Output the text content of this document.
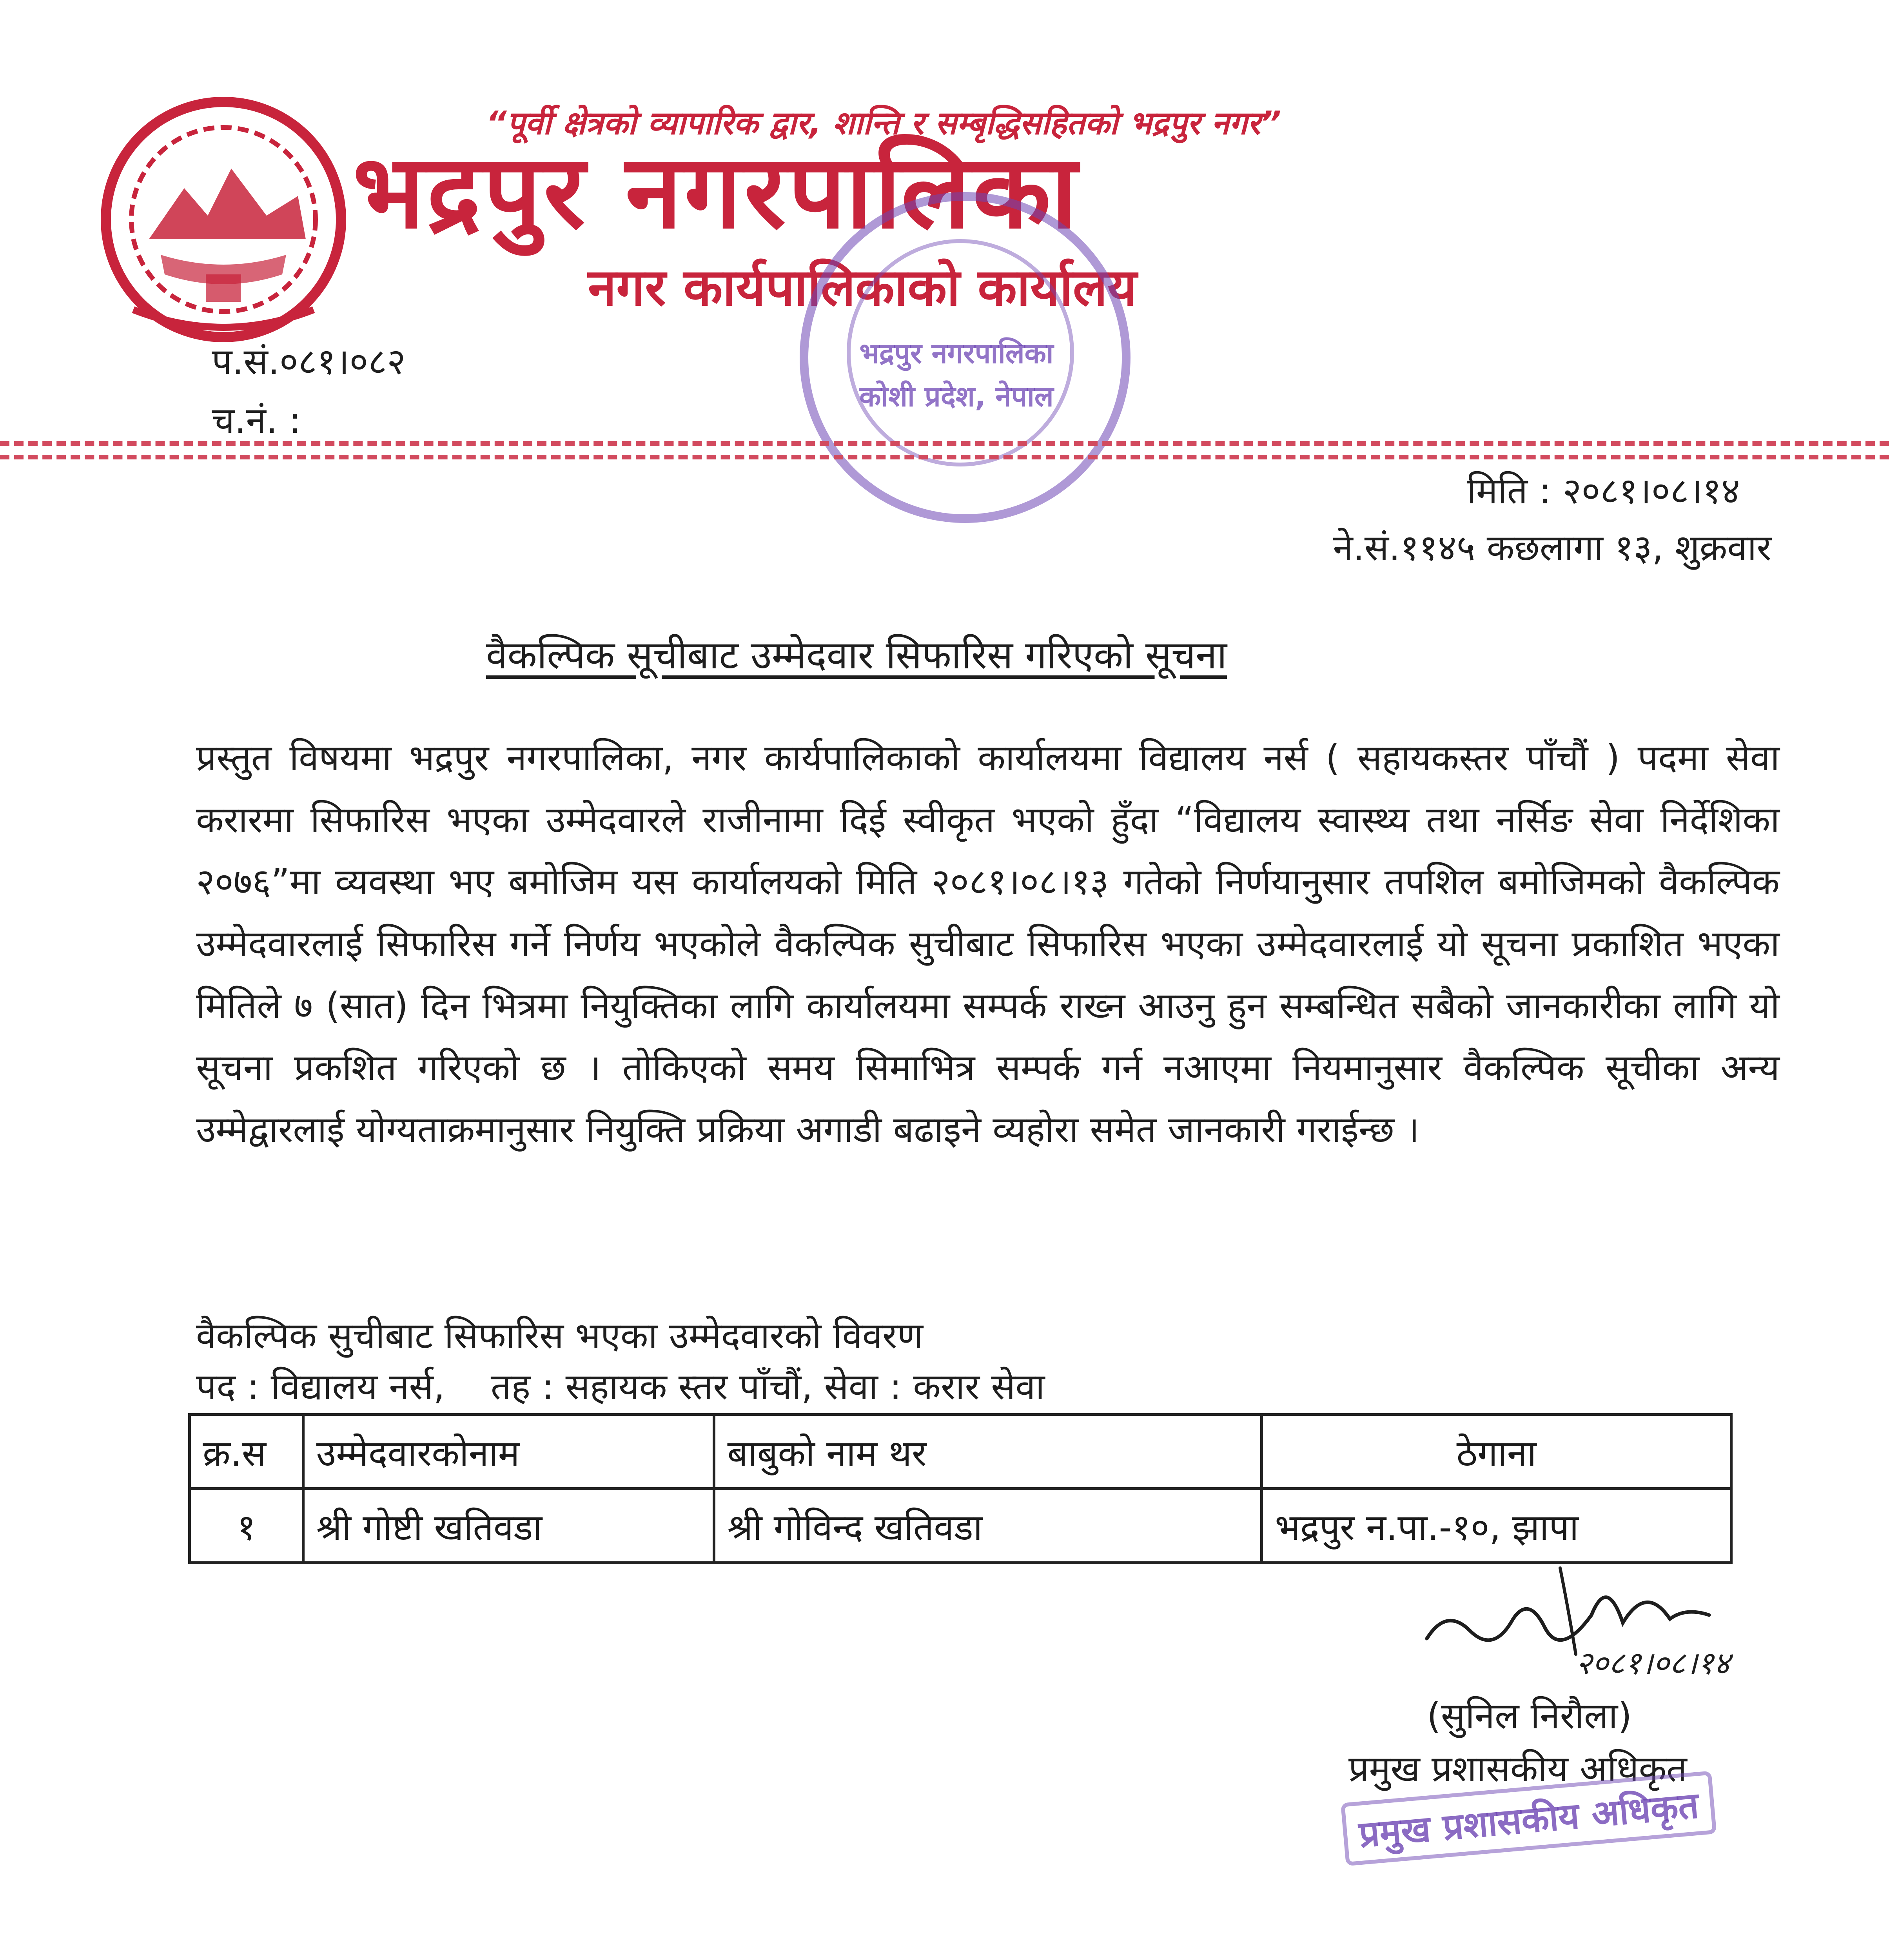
“पूर्वी क्षेत्रको व्यापारिक द्वार, शान्ति र सम्बृद्धिसहितको भद्रपुर नगर”
भद्रपुर नगरपालिका
नगर कार्यपालिकाको कार्यालय
भद्रपुर नगरपालिका
कोशी प्रदेश, नेपाल
प.सं.०८१।०८२
च.नं. :
मिति : २०८१।०८।१४
ने.सं.११४५ कछलागा १३, शुक्रवार
वैकल्पिक सूचीबाट उम्मेदवार सिफारिस गरिएको सूचना
प्रस्तुत विषयमा भद्रपुर नगरपालिका, नगर कार्यपालिकाको कार्यालयमा विद्यालय नर्स ( सहायकस्तर पाँचौं ) पदमा सेवा करारमा सिफारिस भएका उम्मेदवारले राजीनामा दिई स्वीकृत भएको हुँदा “विद्यालय स्वास्थ्य तथा नर्सिङ सेवा निर्देशिका २०७६”मा व्यवस्था भए बमोजिम यस कार्यालयको मिति २०८१।०८।१३ गतेको निर्णयानुसार तपशिल बमोजिमको वैकल्पिक उम्मेदवारलाई सिफारिस गर्ने निर्णय भएकोले वैकल्पिक सुचीबाट सिफारिस भएका उम्मेदवारलाई यो सूचना प्रकाशित भएका मितिले ७ (सात) दिन भित्रमा नियुक्तिका लागि कार्यालयमा सम्पर्क राख्न आउनु हुन सम्बन्धित सबैको जानकारीका लागि यो सूचना प्रकशित गरिएको छ । तोकिएको समय सिमाभित्र सम्पर्क गर्न नआएमा नियमानुसार वैकल्पिक सूचीका अन्य उम्मेद्वारलाई योग्यताक्रमानुसार नियुक्ति प्रक्रिया अगाडी बढाइने व्यहोरा समेत जानकारी गराईन्छ ।
वैकल्पिक सुचीबाट सिफारिस भएका उम्मेदवारको विवरण
पद : विद्यालय नर्स,    तह : सहायक स्तर पाँचौं, सेवा : करार सेवा
क्र.स	उम्मेदवारकोनाम	बाबुको नाम थर	ठेगाना
१	श्री गोष्टी खतिवडा	श्री गोविन्द खतिवडा	भद्रपुर न.पा.-१०, झापा
२०८१।०८।१४
(सुनिल निरौला)
प्रमुख प्रशासकीय अधिकृत
प्रमुख प्रशासकीय अधिकृत
